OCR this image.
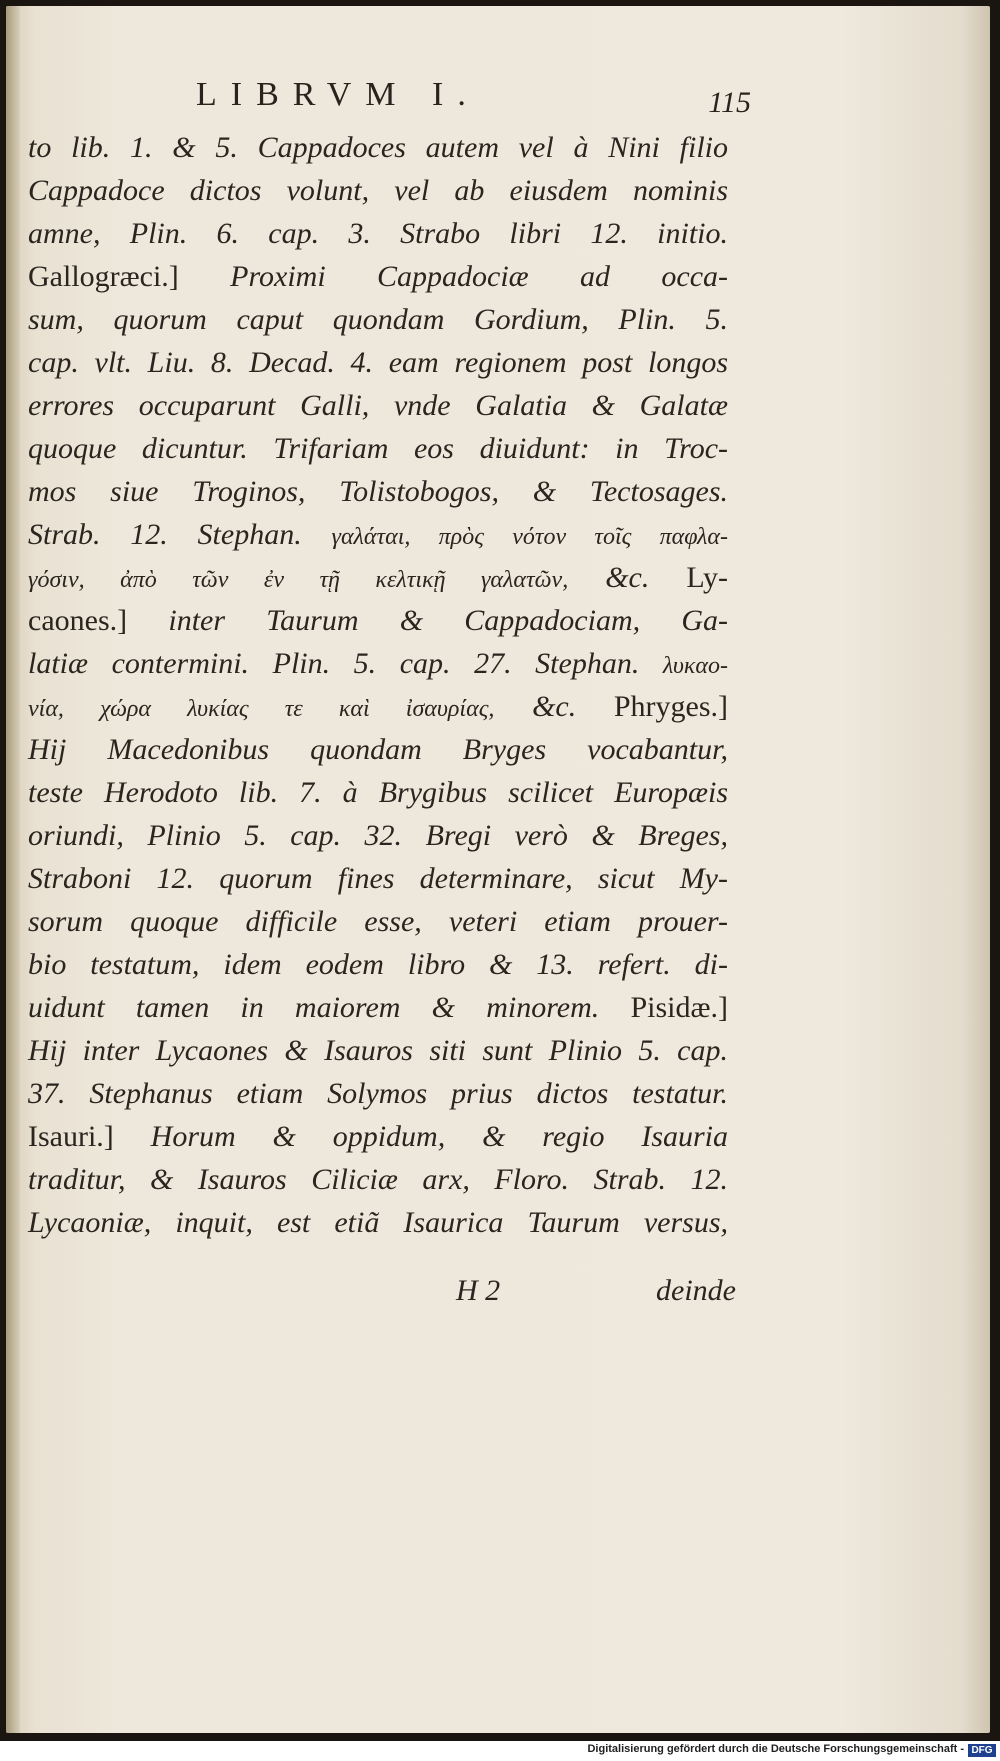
LIBRVM I.	115
to lib. 1. & 5. Cappadoces autem vel à Nini filio
Cappadoce dictos volunt, vel ab eiusdem nominis
amne, Plin. 6. cap. 3. Strabo libri 12. initio.
Gallogræci.] Proximi Cappadociæ ad occa-
sum, quorum caput quondam Gordium, Plin. 5.
cap. vlt. Liu. 8. Decad. 4. eam regionem post longos
errores occuparunt Galli, vnde Galatia & Galatæ
quoque dicuntur. Trifariam eos diuidunt: in Troc-
mos siue Troginos, Tolistobogos, & Tectosages.
Strab. 12. Stephan. γαλάται, πρὸς νότον τοῖς παφλα-
γόσιν, ἀπὸ τῶν ἐν τῇ κελτικῇ γαλατῶν, &c. Ly-
caones.] inter Taurum & Cappadociam, Ga-
latiæ contermini. Plin. 5. cap. 27. Stephan. λυκαο-
νία, χώρα λυκίας τε καὶ ἰσαυρίας, &c. Phryges.]
Hij Macedonibus quondam Bryges vocabantur,
teste Herodoto lib. 7. à Brygibus scilicet Europæis
oriundi, Plinio 5. cap. 32. Bregi verò & Breges,
Straboni 12. quorum fines determinare, sicut My-
sorum quoque difficile esse, veteri etiam prouer-
bio testatum, idem eodem libro & 13. refert. di-
uidunt tamen in maiorem & minorem. Pisidæ.]
Hij inter Lycaones & Isauros siti sunt Plinio 5. cap.
37. Stephanus etiam Solymos prius dictos testatur.
Isauri.] Horum & oppidum, & regio Isauria
traditur, & Isauros Ciliciæ arx, Floro. Strab. 12.
Lycaoniæ, inquit, est etiã Isaurica Taurum versus,
H 2	deinde
Digitalisierung gefördert durch die Deutsche Forschungsgemeinschaft - DFG
